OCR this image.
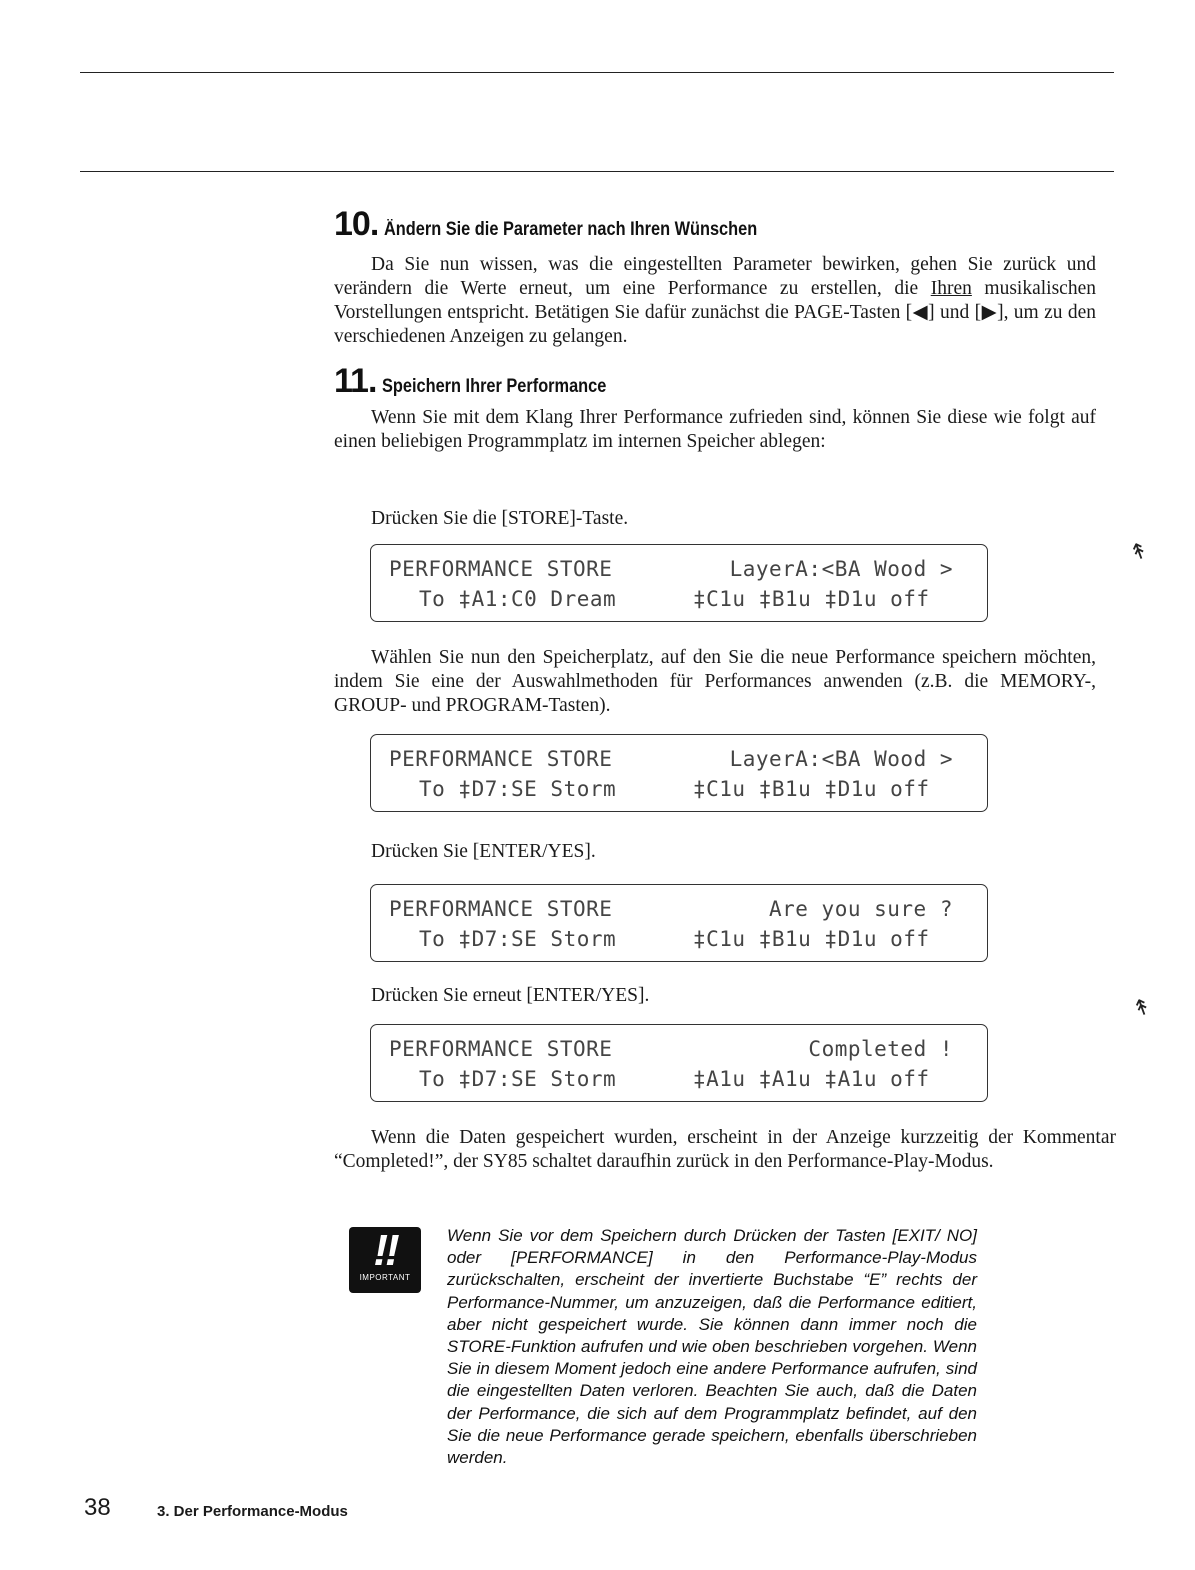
10. Ändern Sie die Parameter nach Ihren Wünschen
Da Sie nun wissen, was die eingestellten Parameter bewirken, gehen Sie zurück und verändern die Werte erneut, um eine Performance zu erstellen, die Ihren musikalischen Vorstellungen entspricht. Betätigen Sie dafür zunächst die PAGE-Tasten [◀] und [▶], um zu den verschiedenen Anzeigen zu gelangen.
11. Speichern Ihrer Performance
Wenn Sie mit dem Klang Ihrer Performance zufrieden sind, können Sie diese wie folgt auf einen beliebigen Programmplatz im internen Speicher ablegen:
Drücken Sie die [STORE]-Taste.
PERFORMANCE STORE	LayerA:<BA Wood >
To ‡A1:C0 Dream	‡C1u ‡B1u ‡D1u off
↟
Wählen Sie nun den Speicherplatz, auf den Sie die neue Performance speichern möchten, indem Sie eine der Auswahlmethoden für Performances anwenden (z.B. die MEMORY-, GROUP- und PROGRAM-Tasten).
PERFORMANCE STORE	LayerA:<BA Wood >
To ‡D7:SE Storm	‡C1u ‡B1u ‡D1u off
Drücken Sie [ENTER/YES].
PERFORMANCE STORE	Are you sure ?
To ‡D7:SE Storm	‡C1u ‡B1u ‡D1u off
Drücken Sie erneut [ENTER/YES].	↟
PERFORMANCE STORE	Completed !
To ‡D7:SE Storm	‡A1u ‡A1u ‡A1u off
Wenn die Daten gespeichert wurden, erscheint in der Anzeige kurzzeitig der Kommentar “Completed!”, der SY85 schaltet daraufhin zurück in den Performance-Play-Modus.
!!
IMPORTANT
Wenn Sie vor dem Speichern durch Drücken der Tasten [EXIT/ NO] oder [PERFORMANCE] in den Performance-Play-Modus zurückschalten, erscheint der invertierte Buchstabe “E” rechts der Performance-Nummer, um anzuzeigen, daß die Performance editiert, aber nicht gespeichert wurde. Sie können dann immer noch die STORE-Funktion aufrufen und wie oben beschrieben vorgehen. Wenn Sie in diesem Moment jedoch eine andere Performance aufrufen, sind die eingestellten Daten verloren. Beachten Sie auch, daß die Daten der Performance, die sich auf dem Programmplatz befindet, auf den Sie die neue Performance gerade speichern, ebenfalls überschrieben werden.
38	3. Der Performance-Modus
